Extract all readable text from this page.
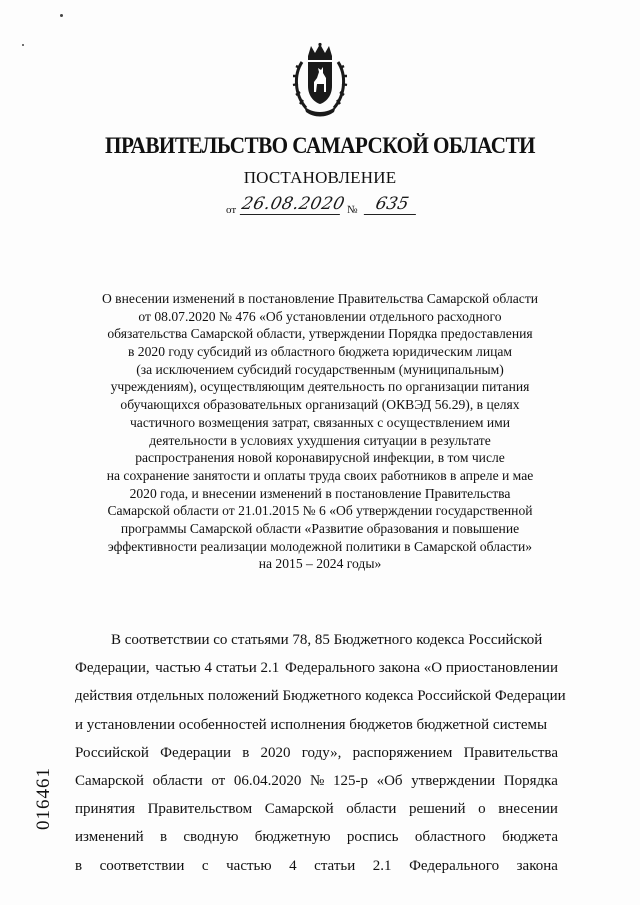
ПРАВИТЕЛЬСТВО САМАРСКОЙ ОБЛАСТИ
ПОСТАНОВЛЕНИЕ
от 26.08.2020 № 635
О внесении изменений в постановление Правительства Самарской области
от 08.07.2020 № 476 «Об установлении отдельного расходного
обязательства Самарской области, утверждении Порядка предоставления
в 2020 году субсидий из областного бюджета юридическим лицам
(за исключением субсидий государственным (муниципальным)
учреждениям), осуществляющим деятельность по организации питания
обучающихся образовательных организаций (ОКВЭД 56.29), в целях
частичного возмещения затрат, связанных с осуществлением ими
деятельности в условиях ухудшения ситуации в результате
распространения новой коронавирусной инфекции, в том числе
на сохранение занятости и оплаты труда своих работников в апреле и мае
2020 года, и внесении изменений в постановление Правительства
Самарской области от 21.01.2015 № 6 «Об утверждении государственной
программы Самарской области «Развитие образования и повышение
эффективности реализации молодежной политики в Самарской области»
на 2015 – 2024 годы»
В соответствии со статьями 78, 85 Бюджетного кодекса Российской
Федерации, частью 4 статьи 2.1 Федерального закона «О приостановлении
действия отдельных положений Бюджетного кодекса Российской Федерации
и установлении особенностей исполнения бюджетов бюджетной системы
Российской Федерации в 2020 году», распоряжением Правительства
Самарской области от 06.04.2020 № 125-р «Об утверждении Порядка
принятия Правительством Самарской области решений о внесении
изменений в сводную бюджетную роспись областного бюджета
в соответствии с частью 4 статьи 2.1 Федерального закона
016461
